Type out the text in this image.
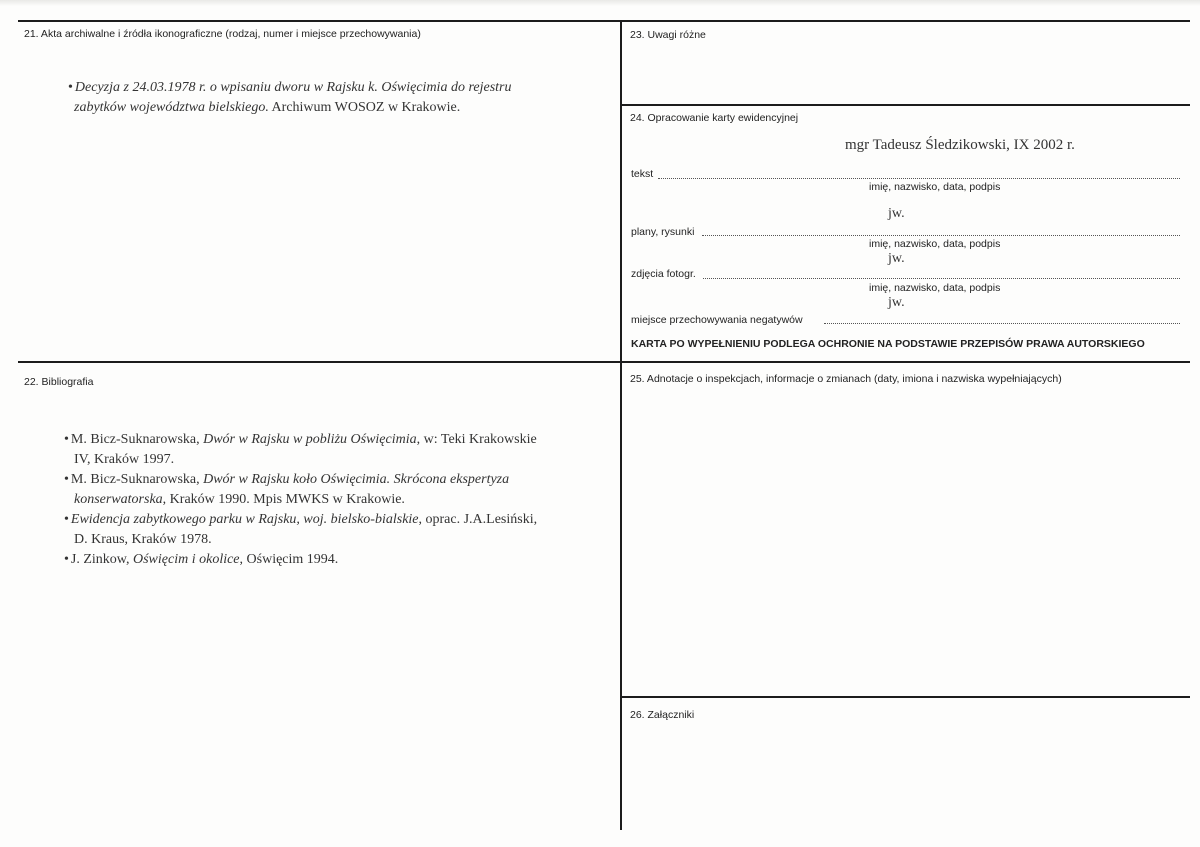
21. Akta archiwalne i źródła ikonograficzne (rodzaj, numer i miejsce przechowywania)
• Decyzja z 24.03.1978 r. o wpisaniu dworu w Rajsku k. Oświęcimia do rejestru
zabytków województwa bielskiego. Archiwum WOSOZ w Krakowie.
22. Bibliografia
• M. Bicz-Suknarowska, Dwór w Rajsku w pobliżu Oświęcimia, w: Teki Krakowskie
IV, Kraków 1997.
• M. Bicz-Suknarowska, Dwór w Rajsku koło Oświęcimia. Skrócona ekspertyza
konserwatorska, Kraków 1990. Mpis MWKS w Krakowie.
• Ewidencja zabytkowego parku w Rajsku, woj. bielsko-bialskie, oprac. J.A.Lesiński,
D. Kraus, Kraków 1978.
• J. Zinkow, Oświęcim i okolice, Oświęcim 1994.
23. Uwagi różne
24. Opracowanie karty ewidencyjnej
mgr Tadeusz Śledzikowski, IX 2002 r.
tekst
imię, nazwisko, data, podpis
jw.
plany, rysunki
imię, nazwisko, data, podpis
jw.
zdjęcia fotogr.
imię, nazwisko, data, podpis
jw.
miejsce przechowywania negatywów
KARTA PO WYPEŁNIENIU PODLEGA OCHRONIE NA PODSTAWIE PRZEPISÓW PRAWA AUTORSKIEGO
25. Adnotacje o inspekcjach, informacje o zmianach (daty, imiona i nazwiska wypełniających)
26. Załączniki
